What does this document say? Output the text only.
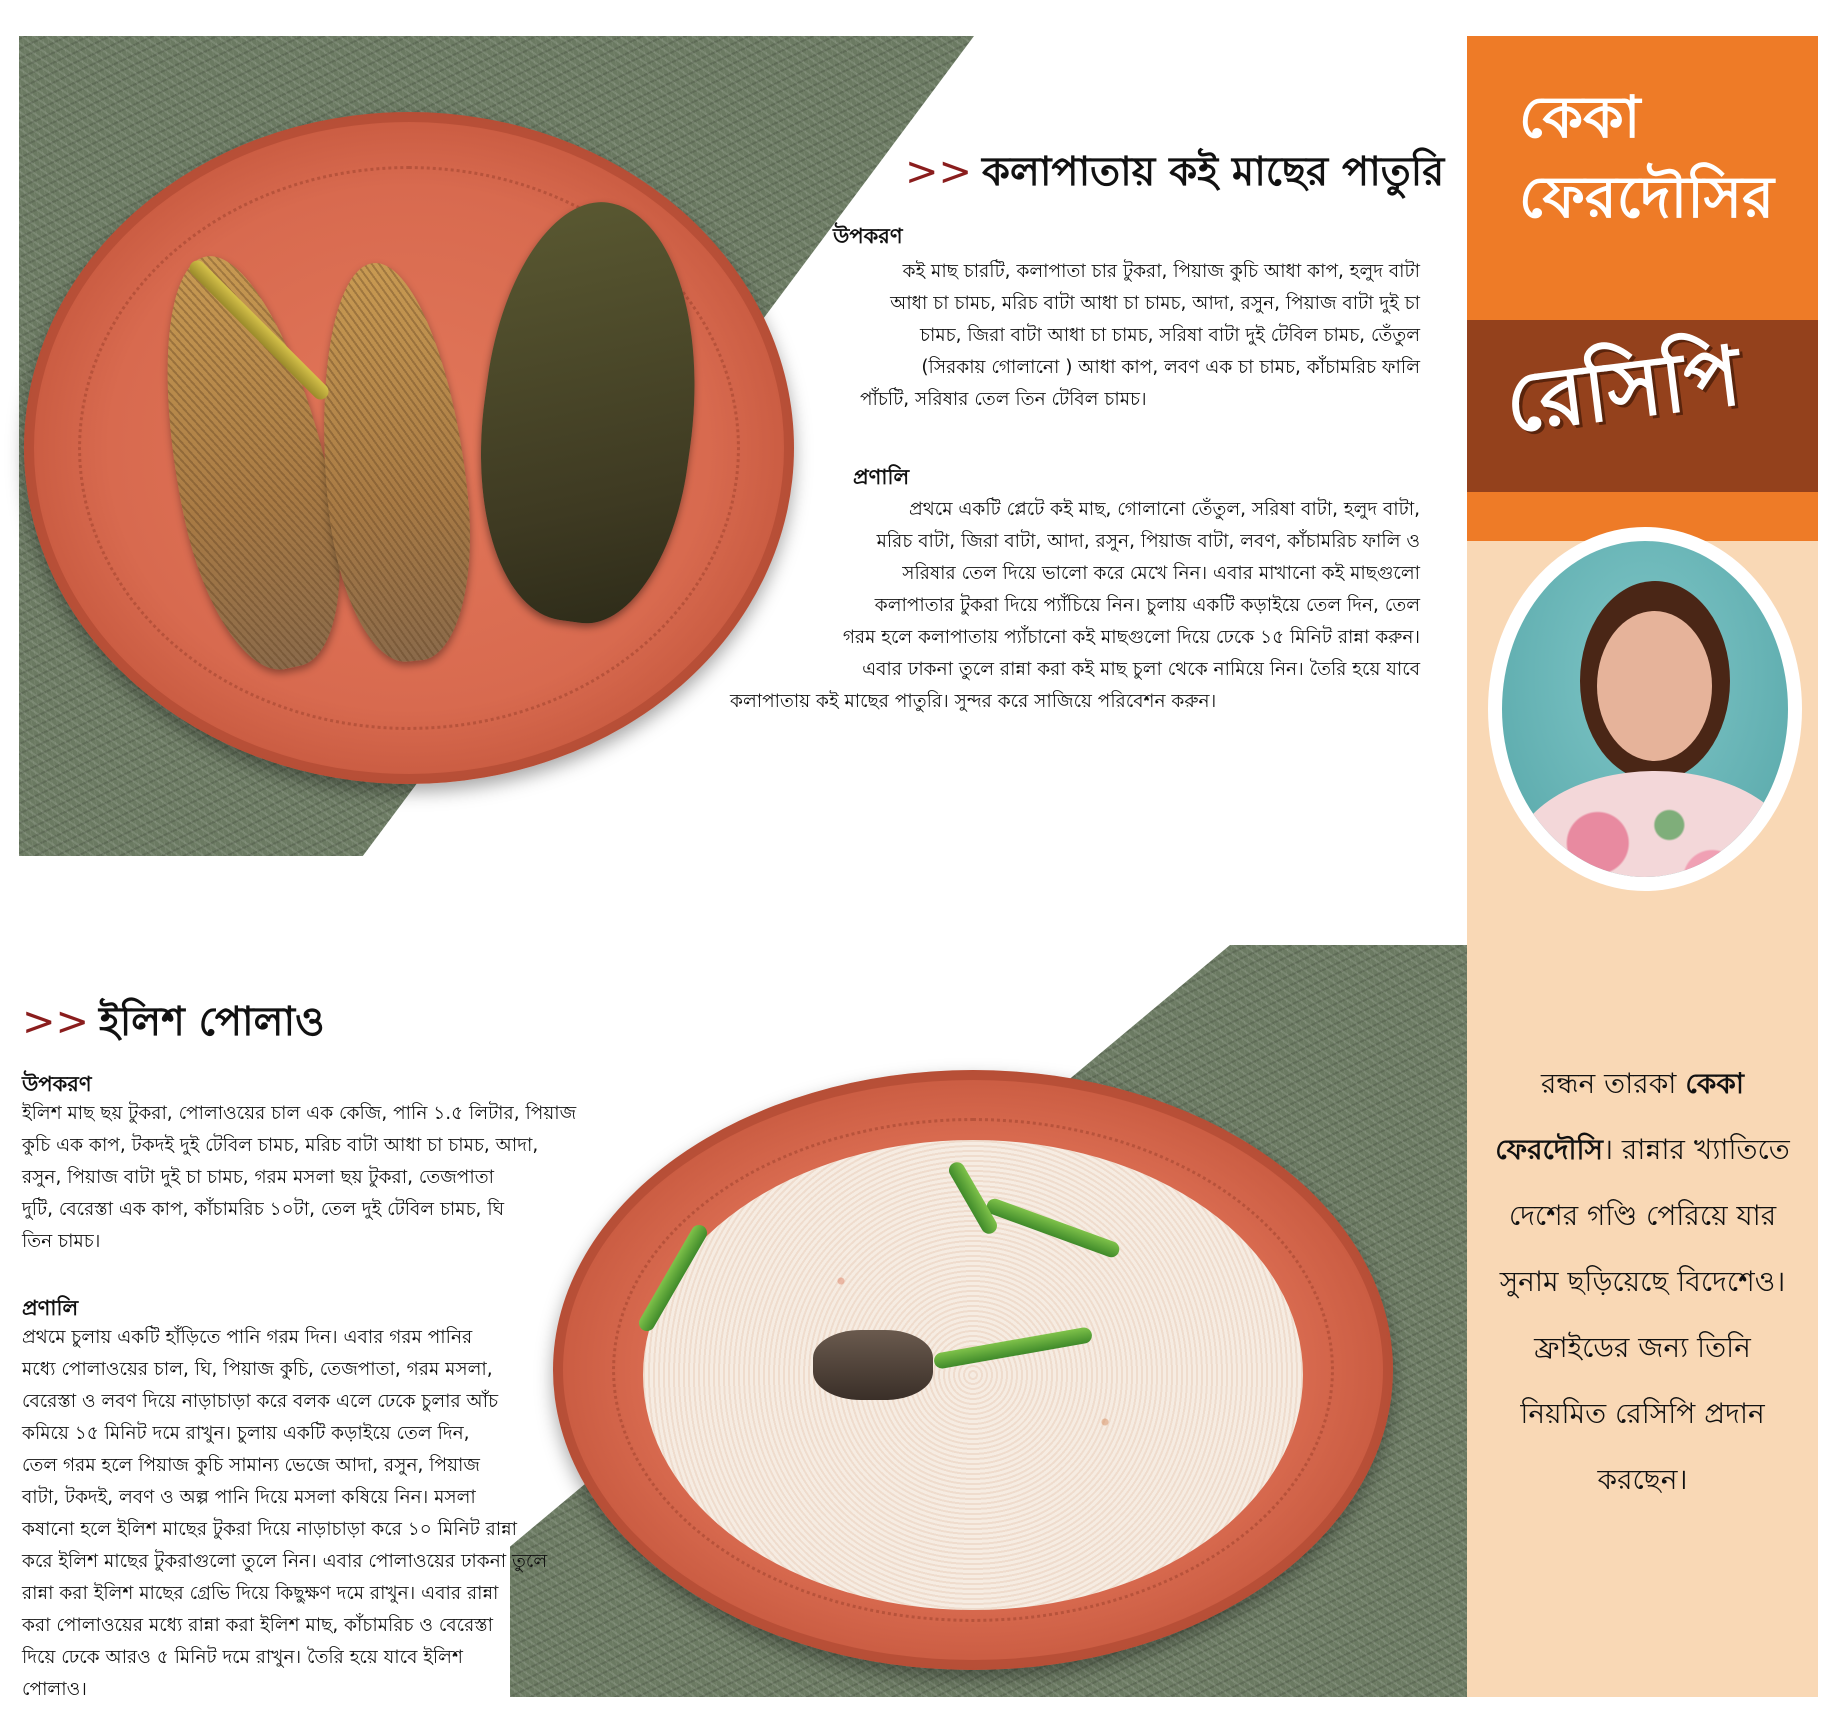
>> কলাপাতায় কই মাছের পাতুরি
উপকরণ
কই মাছ চারটি, কলাপাতা চার টুকরা, পিয়াজ কুচি আধা কাপ, হলুদ বাটা
আধা চা চামচ, মরিচ বাটা আধা চা চামচ, আদা, রসুন, পিয়াজ বাটা দুই চা
চামচ, জিরা বাটা আধা চা চামচ, সরিষা বাটা দুই টেবিল চামচ, তেঁতুল
(সিরকায় গোলানো ) আধা কাপ, লবণ এক চা চামচ, কাঁচামরিচ ফালি
পাঁচটি, সরিষার তেল তিন টেবিল চামচ।
প্রণালি
প্রথমে একটি প্লেটে কই মাছ, গোলানো তেঁতুল, সরিষা বাটা, হলুদ বাটা,
মরিচ বাটা, জিরা বাটা, আদা, রসুন, পিয়াজ বাটা, লবণ, কাঁচামরিচ ফালি ও
সরিষার তেল দিয়ে ভালো করে মেখে নিন। এবার মাখানো কই মাছগুলো
কলাপাতার টুকরা দিয়ে প্যাঁচিয়ে নিন। চুলায় একটি কড়াইয়ে তেল দিন, তেল
গরম হলে কলাপাতায় প্যাঁচানো কই মাছগুলো দিয়ে ঢেকে ১৫ মিনিট রান্না করুন।
এবার ঢাকনা তুলে রান্না করা কই মাছ চুলা থেকে নামিয়ে নিন। তৈরি হয়ে যাবে
কলাপাতায় কই মাছের পাতুরি। সুন্দর করে সাজিয়ে পরিবেশন করুন।
>> ইলিশ পোলাও
উপকরণ
ইলিশ মাছ ছয় টুকরা, পোলাওয়ের চাল এক কেজি, পানি ১.৫ লিটার, পিয়াজ
কুচি এক কাপ, টকদই দুই টেবিল চামচ, মরিচ বাটা আধা চা চামচ, আদা,
রসুন, পিয়াজ বাটা দুই চা চামচ, গরম মসলা ছয় টুকরা, তেজপাতা
দুটি, বেরেস্তা এক কাপ, কাঁচামরিচ ১০টা, তেল দুই টেবিল চামচ, ঘি
তিন চামচ।
প্রণালি
প্রথমে চুলায় একটি হাঁড়িতে পানি গরম দিন। এবার গরম পানির
মধ্যে পোলাওয়ের চাল, ঘি, পিয়াজ কুচি, তেজপাতা, গরম মসলা,
বেরেস্তা ও লবণ দিয়ে নাড়াচাড়া করে বলক এলে ঢেকে চুলার আঁচ
কমিয়ে ১৫ মিনিট দমে রাখুন। চুলায় একটি কড়াইয়ে তেল দিন,
তেল গরম হলে পিয়াজ কুচি সামান্য ভেজে আদা, রসুন, পিয়াজ
বাটা, টকদই, লবণ ও অল্প পানি দিয়ে মসলা কষিয়ে নিন। মসলা
কষানো হলে ইলিশ মাছের টুকরা দিয়ে নাড়াচাড়া করে ১০ মিনিট রান্না
করে ইলিশ মাছের টুকরাগুলো তুলে নিন। এবার পোলাওয়ের ঢাকনা তুলে
রান্না করা ইলিশ মাছের গ্রেভি দিয়ে কিছুক্ষণ দমে রাখুন। এবার রান্না
করা পোলাওয়ের মধ্যে রান্না করা ইলিশ মাছ, কাঁচামরিচ ও বেরেস্তা
দিয়ে ঢেকে আরও ৫ মিনিট দমে রাখুন। তৈরি হয়ে যাবে ইলিশ
পোলাও।
কেকা
ফেরদৌসির
রেসিপি
রন্ধন তারকা কেকা ফেরদৌসি। রান্নার খ্যাতিতে দেশের গণ্ডি পেরিয়ে যার সুনাম ছড়িয়েছে বিদেশেও। ফ্রাইডের জন্য তিনি নিয়মিত রেসিপি প্রদান করছেন।
